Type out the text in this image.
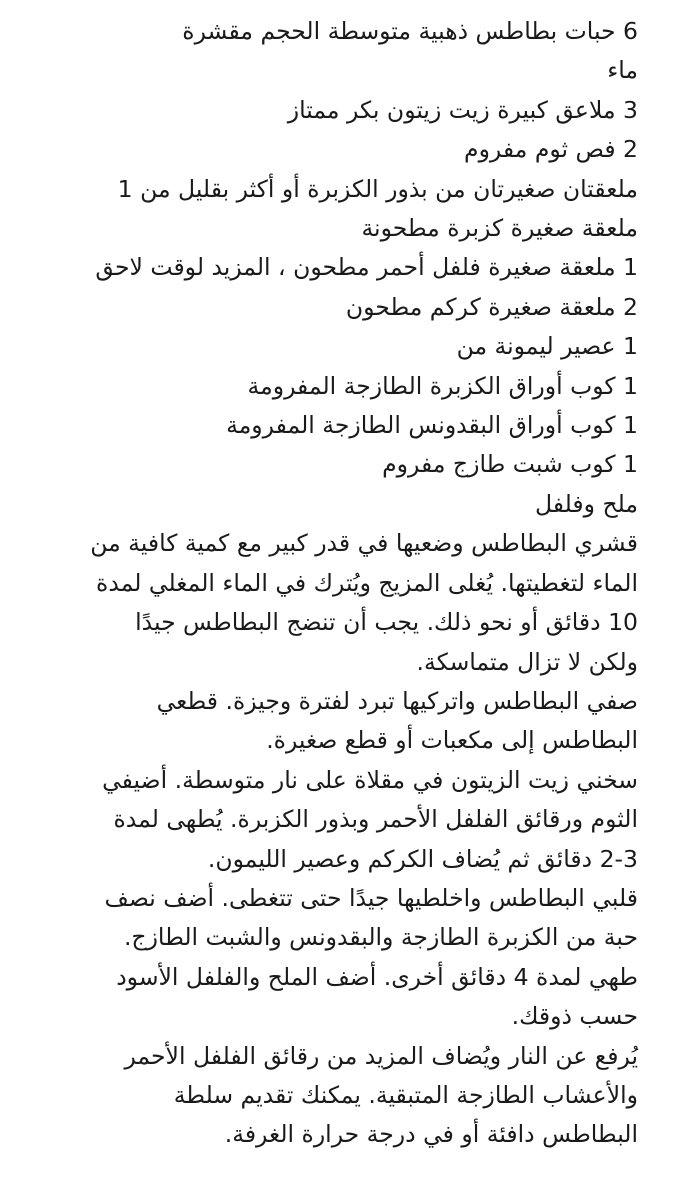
6 حبات بطاطس ذهبية متوسطة الحجم مقشرة
ماء
3 ملاعق كبيرة زيت زيتون بكر ممتاز
2 فص ثوم مفروم
ملعقتان صغيرتان من بذور الكزبرة أو أكثر بقليل من 1
ملعقة صغيرة كزبرة مطحونة
1 ملعقة صغيرة فلفل أحمر مطحون ، المزيد لوقت لاحق
2 ملعقة صغيرة كركم مطحون
1 عصير ليمونة من
1 كوب أوراق الكزبرة الطازجة المفرومة
1 كوب أوراق البقدونس الطازجة المفرومة
1 كوب شبت طازج مفروم
ملح وفلفل
قشري البطاطس وضعيها في قدر كبير مع كمية كافية من
الماء لتغطيتها. يُغلى المزيج ويُترك في الماء المغلي لمدة
10 دقائق أو نحو ذلك. يجب أن تنضج البطاطس جيدًا
ولكن لا تزال متماسكة.
صفي البطاطس واتركيها تبرد لفترة وجيزة. قطعي
البطاطس إلى مكعبات أو قطع صغيرة.
سخني زيت الزيتون في مقلاة على نار متوسطة. أضيفي
الثوم ورقائق الفلفل الأحمر وبذور الكزبرة. يُطهى لمدة
2-3 دقائق ثم يُضاف الكركم وعصير الليمون.
قلبي البطاطس واخلطيها جيدًا حتى تتغطى. أضف نصف
حبة من الكزبرة الطازجة والبقدونس والشبت الطازج.
طهي لمدة 4 دقائق أخرى. أضف الملح والفلفل الأسود
حسب ذوقك.
يُرفع عن النار ويُضاف المزيد من رقائق الفلفل الأحمر
والأعشاب الطازجة المتبقية. يمكنك تقديم سلطة
البطاطس دافئة أو في درجة حرارة الغرفة.
